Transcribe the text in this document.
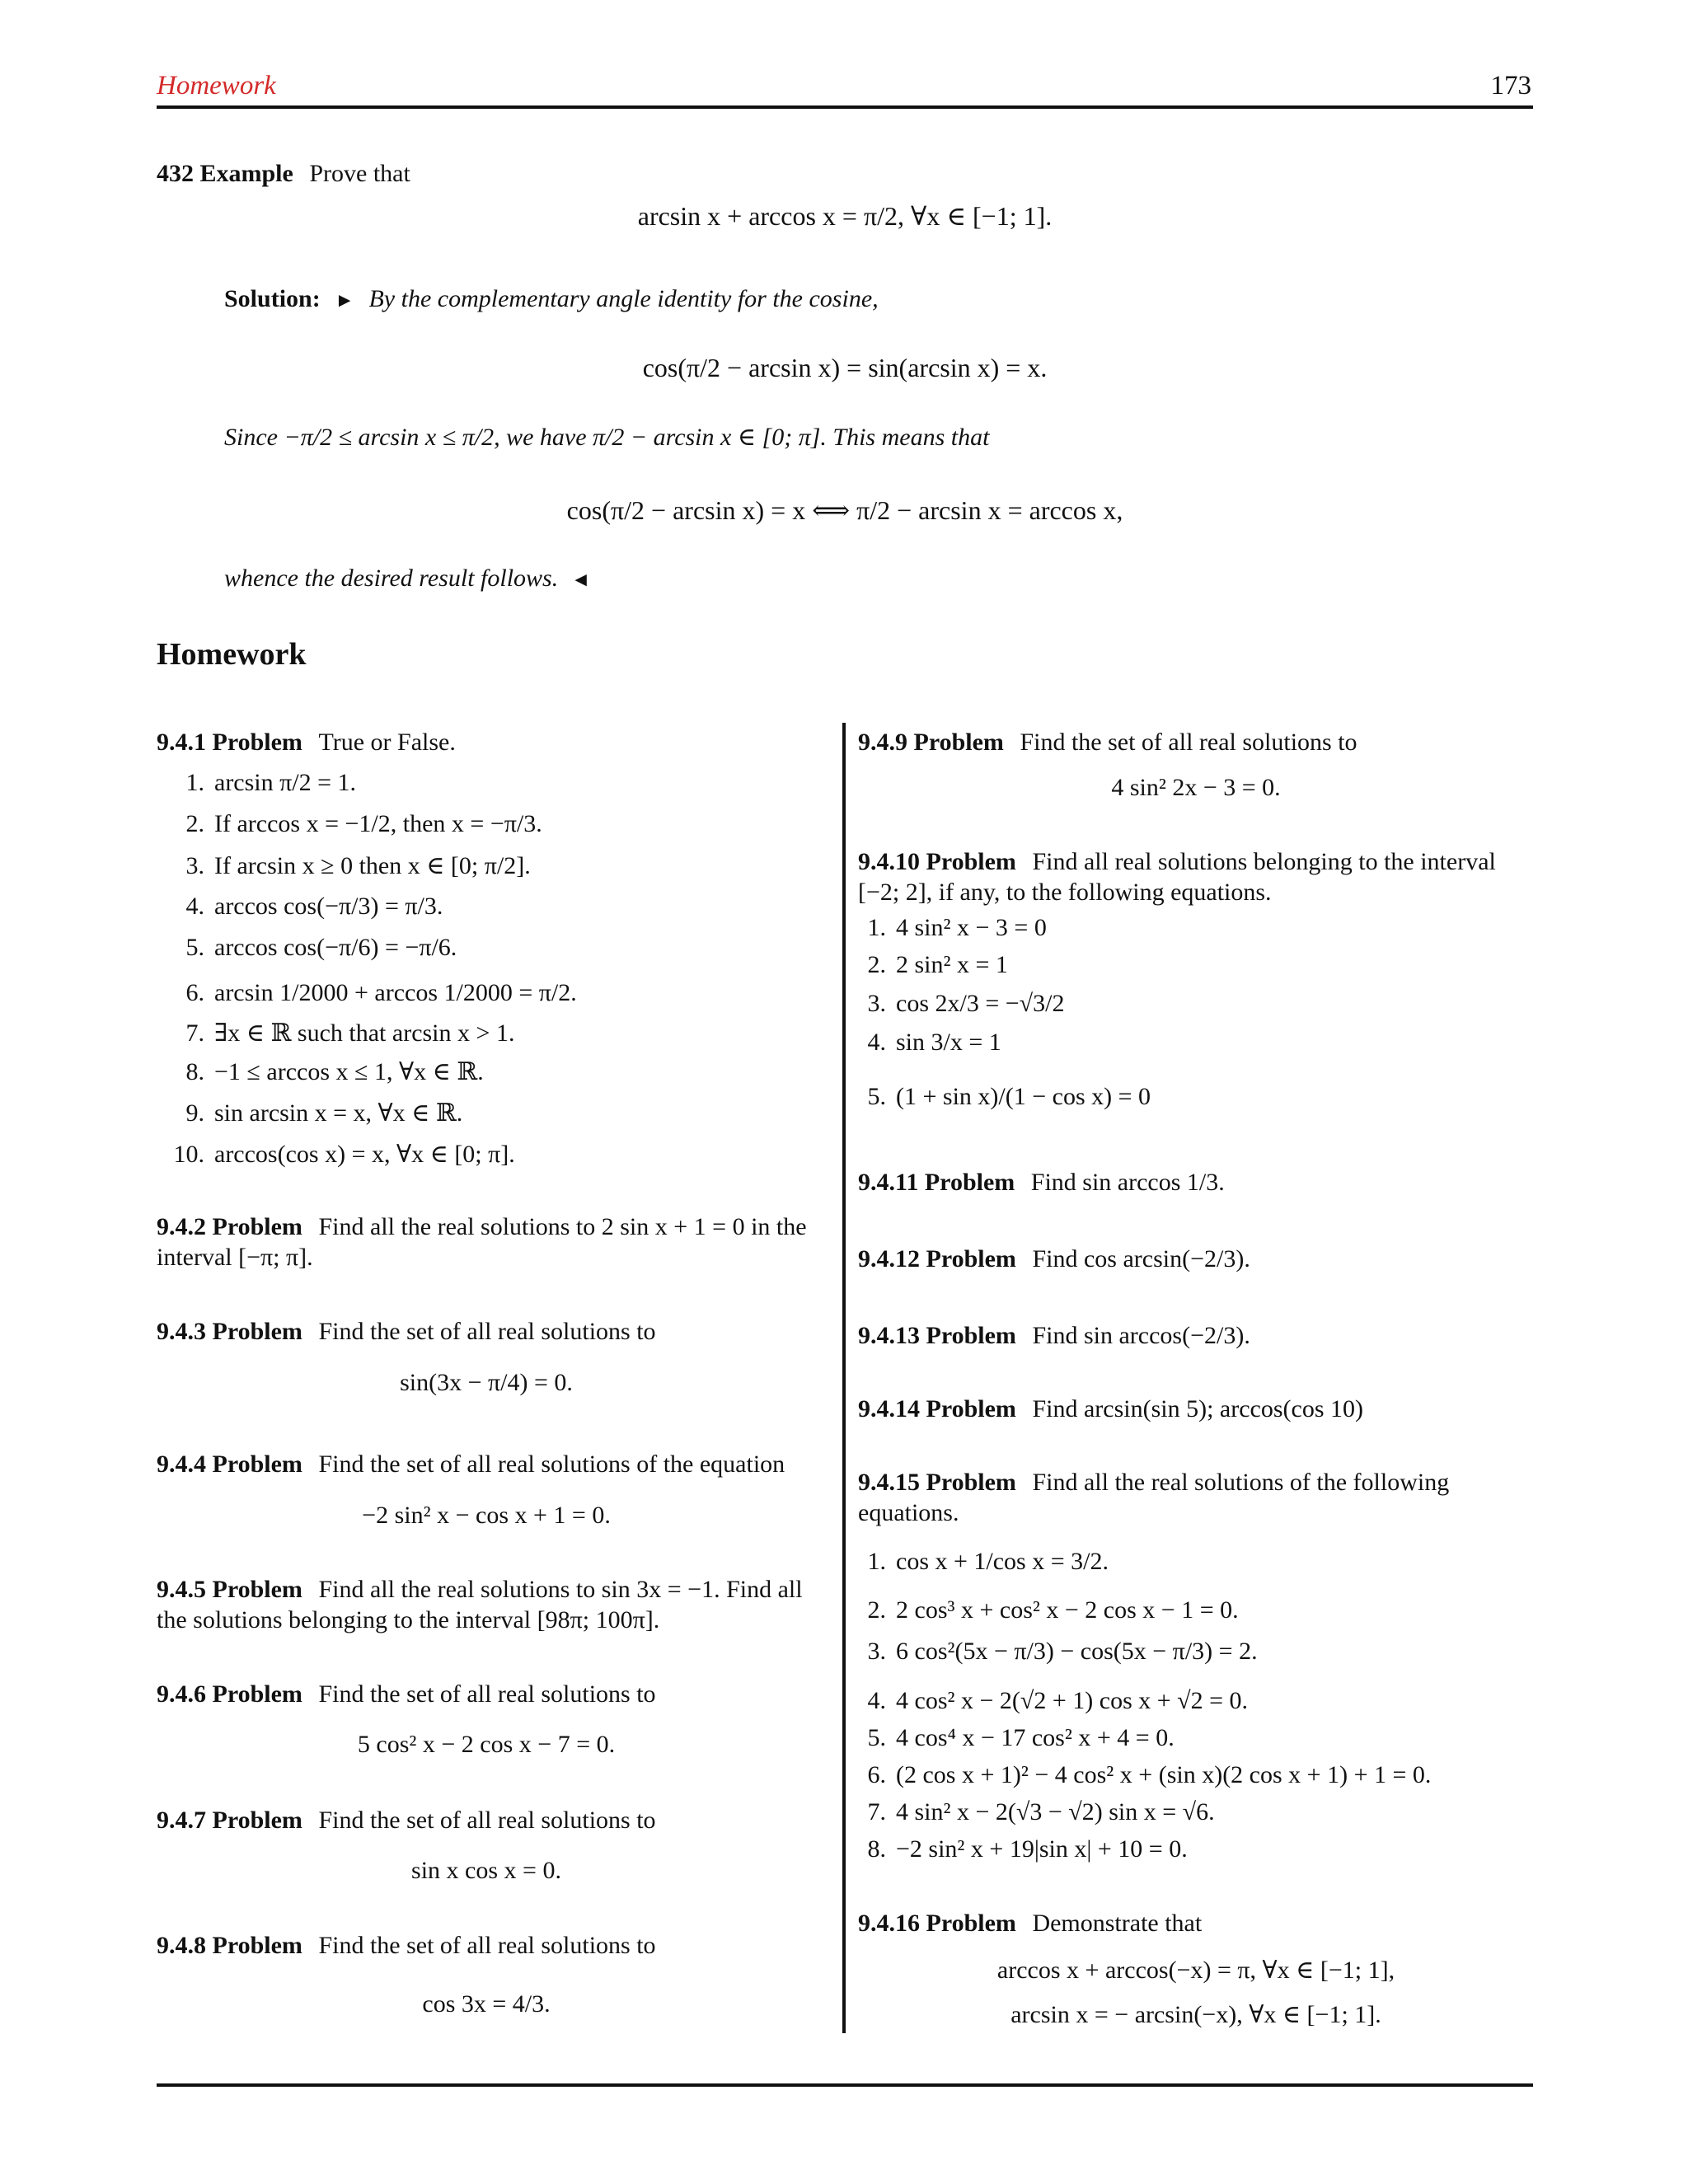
Homework	173
432 Example Prove that
arcsin x + arccos x = π/2, ∀x ∈ [−1; 1].
Solution: ► By the complementary angle identity for the cosine,
cos(π/2 − arcsin x) = sin(arcsin x) = x.
Since −π/2 ≤ arcsin x ≤ π/2, we have π/2 − arcsin x ∈ [0; π]. This means that
cos(π/2 − arcsin x) = x ⟺ π/2 − arcsin x = arccos x,
whence the desired result follows. ◄
Homework
9.4.1 Problem True or False.
1. arcsin π/2 = 1.
2. If arccos x = −1/2, then x = −π/3.
3. If arcsin x ≥ 0 then x ∈ [0; π/2].
4. arccos cos(−π/3) = π/3.
5. arccos cos(−π/6) = −π/6.
6. arcsin 1/2000 + arccos 1/2000 = π/2.
7. ∃x ∈ ℝ such that arcsin x > 1.
8. −1 ≤ arccos x ≤ 1, ∀x ∈ ℝ.
9. sin arcsin x = x, ∀x ∈ ℝ.
10. arccos(cos x) = x, ∀x ∈ [0; π].
9.4.2 Problem Find all the real solutions to 2 sin x + 1 = 0 in the
interval [−π; π].
9.4.3 Problem Find the set of all real solutions to
sin(3x − π/4) = 0.
9.4.4 Problem Find the set of all real solutions of the equation
−2 sin² x − cos x + 1 = 0.
9.4.5 Problem Find all the real solutions to sin 3x = −1. Find all
the solutions belonging to the interval [98π; 100π].
9.4.6 Problem Find the set of all real solutions to
5 cos² x − 2 cos x − 7 = 0.
9.4.7 Problem Find the set of all real solutions to
sin x cos x = 0.
9.4.8 Problem Find the set of all real solutions to
cos 3x = 4/3.
9.4.9 Problem Find the set of all real solutions to
4 sin² 2x − 3 = 0.
9.4.10 Problem Find all real solutions belonging to the interval
[−2; 2], if any, to the following equations.
1. 4 sin² x − 3 = 0
2. 2 sin² x = 1
3. cos 2x/3 = −√3/2
4. sin 3/x = 1
5. (1 + sin x)/(1 − cos x) = 0
9.4.11 Problem Find sin arccos 1/3.
9.4.12 Problem Find cos arcsin(−2/3).
9.4.13 Problem Find sin arccos(−2/3).
9.4.14 Problem Find arcsin(sin 5); arccos(cos 10)
9.4.15 Problem Find all the real solutions of the following
equations.
1. cos x + 1/cos x = 3/2.
2. 2 cos³ x + cos² x − 2 cos x − 1 = 0.
3. 6 cos²(5x − π/3) − cos(5x − π/3) = 2.
4. 4 cos² x − 2(√2 + 1) cos x + √2 = 0.
5. 4 cos⁴ x − 17 cos² x + 4 = 0.
6. (2 cos x + 1)² − 4 cos² x + (sin x)(2 cos x + 1) + 1 = 0.
7. 4 sin² x − 2(√3 − √2) sin x = √6.
8. −2 sin² x + 19|sin x| + 10 = 0.
9.4.16 Problem Demonstrate that
arccos x + arccos(−x) = π, ∀x ∈ [−1; 1],
arcsin x = − arcsin(−x), ∀x ∈ [−1; 1].
